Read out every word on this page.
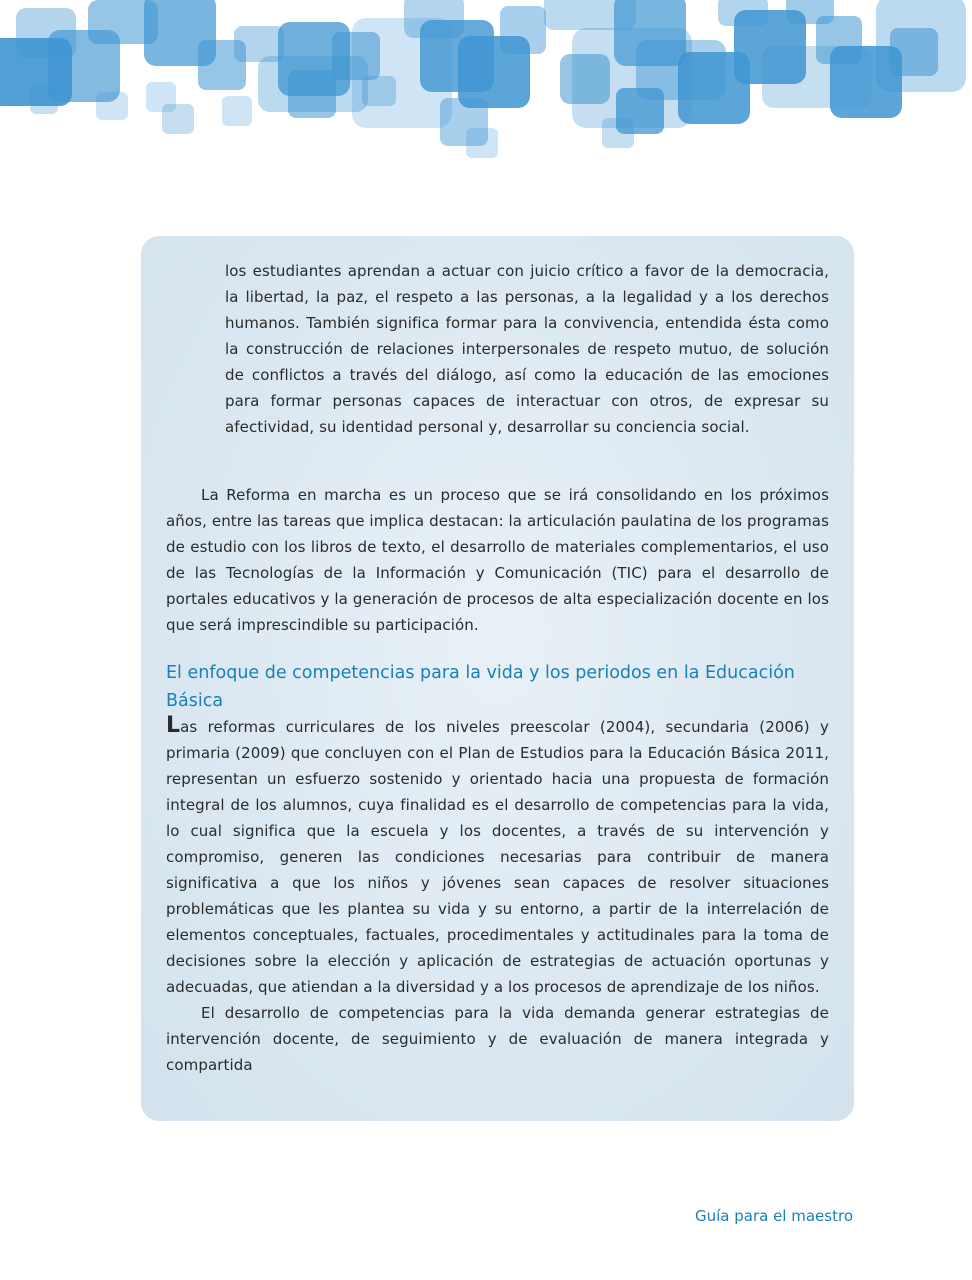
los estudiantes aprendan a actuar con juicio crítico a favor de la democracia, la libertad, la paz, el respeto a las personas, a la legalidad y a los derechos humanos. También significa formar para la convivencia, entendida ésta como la construcción de relaciones interpersonales de respeto mutuo, de solución de conflictos a través del diálogo, así como la educación de las emociones para formar personas capaces de interactuar con otros, de expresar su afectividad, su identidad personal y, desarrollar su conciencia social.

La Reforma en marcha es un proceso que se irá consolidando en los próximos años, entre las tareas que implica destacan: la articulación paulatina de los programas de estudio con los libros de texto, el desarrollo de materiales complementarios, el uso de las Tecnologías de la Información y Comunicación (TIC) para el desarrollo de portales educativos y la generación de procesos de alta especialización docente en los que será imprescindible su participación.

El enfoque de competencias para la vida y los periodos en la Educación Básica

Las reformas curriculares de los niveles preescolar (2004), secundaria (2006) y primaria (2009) que concluyen con el Plan de Estudios para la Educación Básica 2011, representan un esfuerzo sostenido y orientado hacia una propuesta de formación integral de los alumnos, cuya finalidad es el desarrollo de competencias para la vida, lo cual significa que la escuela y los docentes, a través de su intervención y compromiso, generen las condiciones necesarias para contribuir de manera significativa a que los niños y jóvenes sean capaces de resolver situaciones problemáticas que les plantea su vida y su entorno, a partir de la interrelación de elementos conceptuales, factuales, procedimentales y actitudinales para la toma de decisiones sobre la elección y aplicación de estrategias de actuación oportunas y adecuadas, que atiendan a la diversidad y a los procesos de aprendizaje de los niños.

El desarrollo de competencias para la vida demanda generar estrategias de intervención docente, de seguimiento y de evaluación de manera integrada y compartida

Guía para el maestro
